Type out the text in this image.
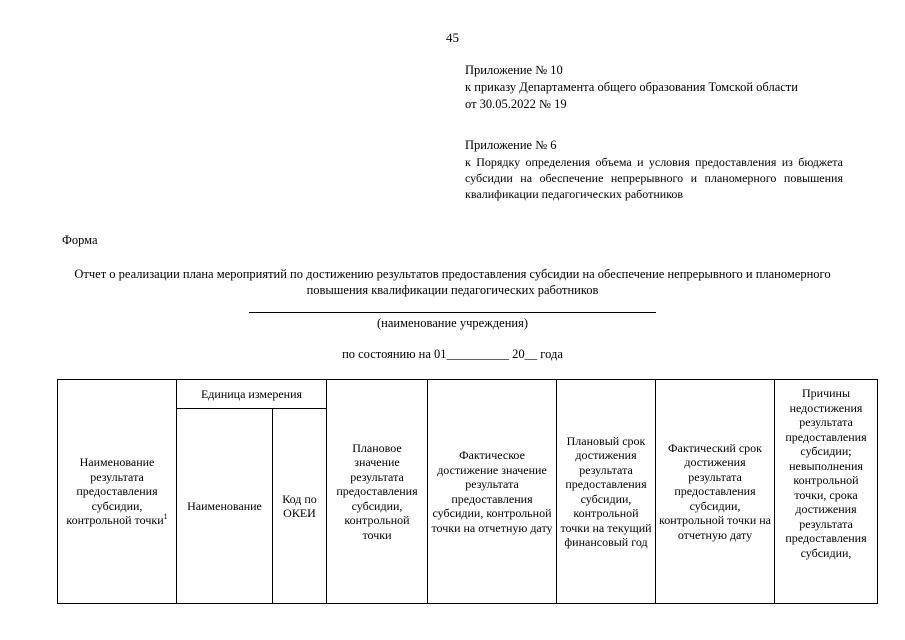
45

Приложение № 10

к приказу Департамента общего образования Томской области

от 30.05.2022 № 19

Приложение № 6

к Порядку определения объема и условия предоставления из бюджета субсидии на обеспечение непрерывного и планомерного повышения квалификации педагогических работников

Форма
Отчет о реализации плана мероприятий по достижению результатов предоставления субсидии на обеспечение непрерывного и планомерного повышения квалификации педагогических работников
(наименование учреждения)
по состоянию на 01__________ 20__ года
Наименование результата предоставления субсидии, контрольной точки$^1$	Единица измерения		Плановое значение результата предоставления субсидии, контрольной точки	Фактическое достижение значение результата предоставления субсидии, контрольной точки на отчетную дату	Плановый срок достижения результата предоставления субсидии, контрольной точки на текущий финансовый год	Фактический срок достижения результата предоставления субсидии, контрольной точки на отчетную дату	Причины недостижения результата предоставления субсидии; невыполнения контрольной точки, срока достижения результата предоставления субсидии,
	Наименование	Код по ОКЕИ					
